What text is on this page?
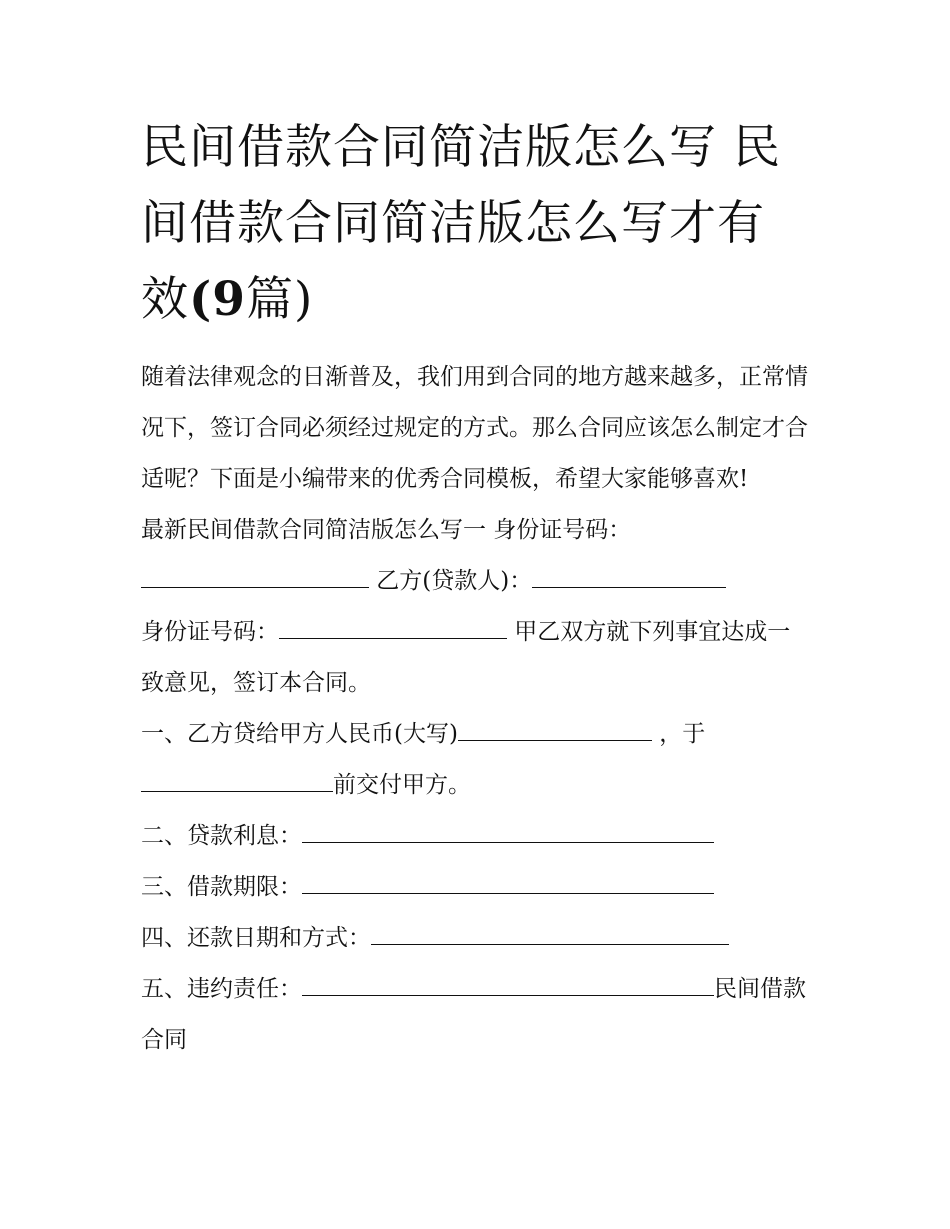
民间借款合同简洁版怎么写 民
间借款合同简洁版怎么写才有
效(9篇)

随着法律观念的日渐普及，我们用到合同的地方越来越多，正常情况下，签订合同必须经过规定的方式。那么合同应该怎么制定才合适呢？下面是小编带来的优秀合同模板，希望大家能够喜欢!

最新民间借款合同简洁版怎么写一 身份证号码：

乙方(贷款人)：

身份证号码：	甲乙双方就下列事宜达成一致意见，签订本合同。

一、乙方贷给甲方人民币(大写)	，于
前交付甲方。

二、贷款利息：

三、借款期限：

四、还款日期和方式：

五、违约责任：	民间借款合同
